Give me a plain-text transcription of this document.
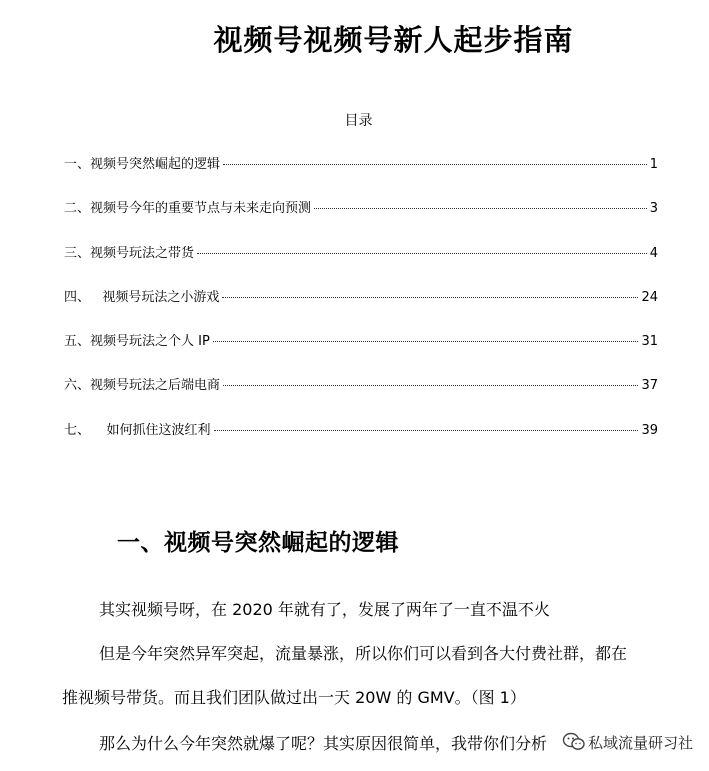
视频号视频号新人起步指南
目录
一、视频号突然崛起的逻辑	1
二、视频号今年的重要节点与未来走向预测	3
三、视频号玩法之带货	4
四、   视频号玩法之小游戏	24
五、视频号玩法之个人 IP	31
六、视频号玩法之后端电商	37
七、    如何抓住这波红利	39
一、视频号突然崛起的逻辑
其实视频号呀，在 2020 年就有了，发展了两年了一直不温不火
但是今年突然异军突起，流量暴涨，所以你们可以看到各大付费社群，都在
推视频号带货。而且我们团队做过出一天 20W 的 GMV。（图 1）
那么为什么今年突然就爆了呢？其实原因很简单，我带你们分析	私域流量研习社
